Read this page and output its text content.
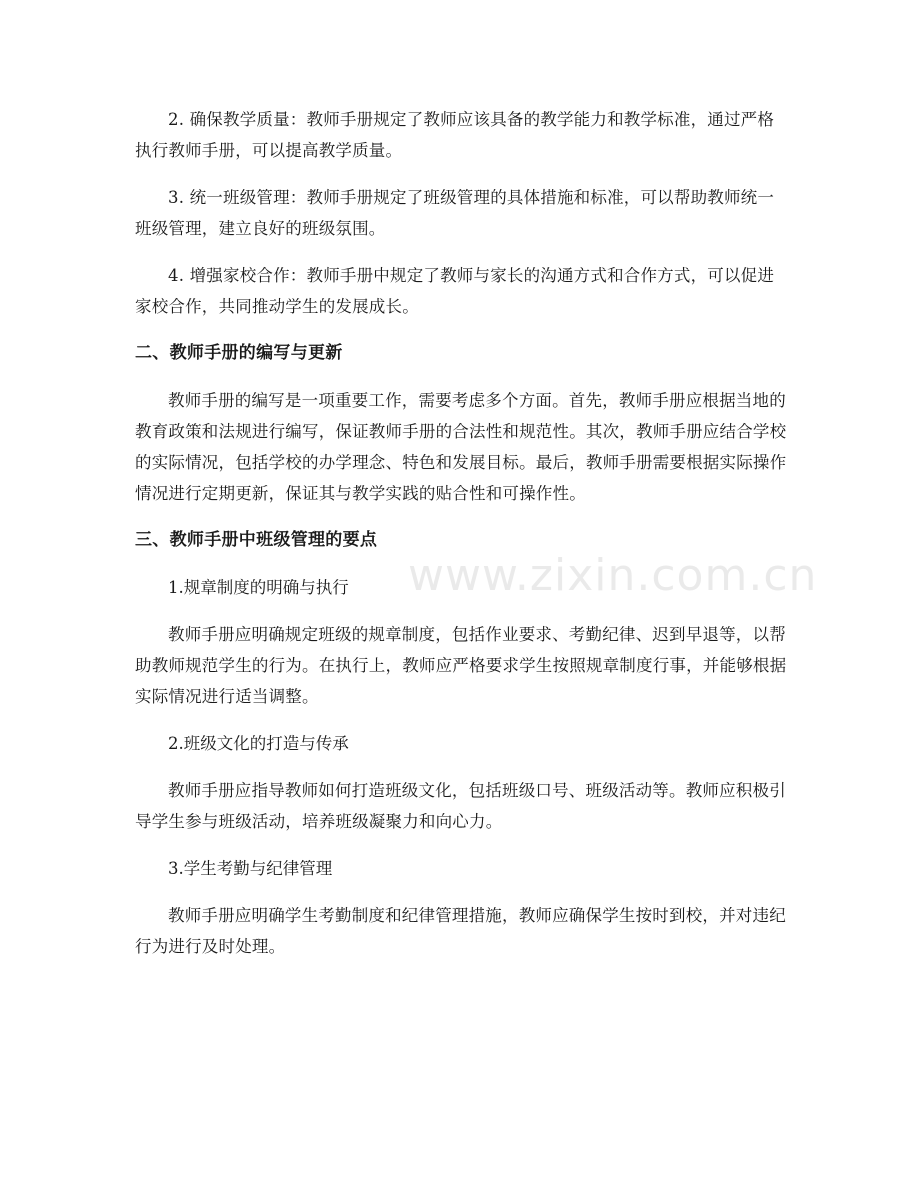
2. 确保教学质量：教师手册规定了教师应该具备的教学能力和教学标准，通过严格执行教师手册，可以提高教学质量。

3. 统一班级管理：教师手册规定了班级管理的具体措施和标准，可以帮助教师统一班级管理，建立良好的班级氛围。

4. 增强家校合作：教师手册中规定了教师与家长的沟通方式和合作方式，可以促进家校合作，共同推动学生的发展成长。

二、教师手册的编写与更新

教师手册的编写是一项重要工作，需要考虑多个方面。首先，教师手册应根据当地的教育政策和法规进行编写，保证教师手册的合法性和规范性。其次，教师手册应结合学校的实际情况，包括学校的办学理念、特色和发展目标。最后，教师手册需要根据实际操作情况进行定期更新，保证其与教学实践的贴合性和可操作性。

三、教师手册中班级管理的要点

1.规章制度的明确与执行

教师手册应明确规定班级的规章制度，包括作业要求、考勤纪律、迟到早退等，以帮助教师规范学生的行为。在执行上，教师应严格要求学生按照规章制度行事，并能够根据实际情况进行适当调整。

2.班级文化的打造与传承

教师手册应指导教师如何打造班级文化，包括班级口号、班级活动等。教师应积极引导学生参与班级活动，培养班级凝聚力和向心力。

3.学生考勤与纪律管理

教师手册应明确学生考勤制度和纪律管理措施，教师应确保学生按时到校，并对违纪行为进行及时处理。

www.zixin.com.cn
